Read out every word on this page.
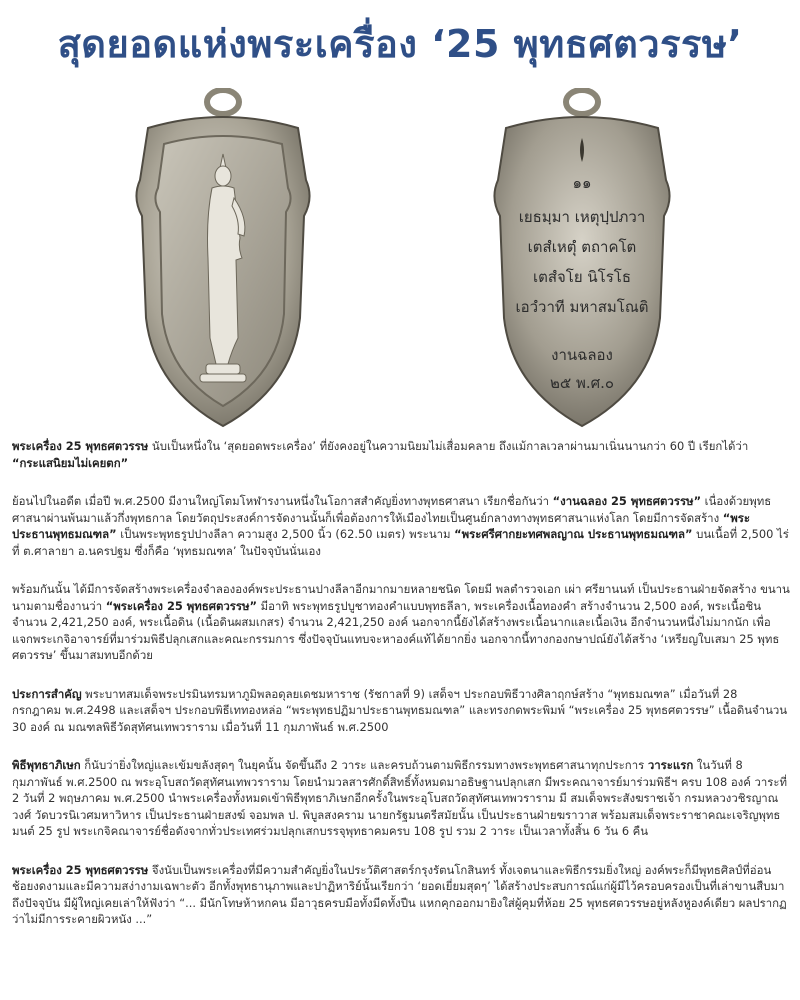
สุดยอดแห่งพระเครื่อง ‘25 พุทธศตวรรษ’
๑๑
เยธมฺมา เหตุปฺปภวา
เตสํเหตุํ ตถาคโต
เตสํจโย นิโรโธ
เอวํวาที มหาสมโณติ
งานฉลอง
๒๕ พ.ศ.๐

พระเครื่อง 25 พุทธศตวรรษ นับเป็นหนึ่งใน ‘สุดยอดพระเครื่อง’ ที่ยังคงอยู่ในความนิยมไม่เสื่อมคลาย ถึงแม้กาลเวลาผ่านมาเนิ่นนานกว่า 60 ปี เรียกได้ว่า “กระแสนิยมไม่เคยตก”

ย้อนไปในอดีต เมื่อปี พ.ศ.2500 มีงานใหญ่โตมโหฬารงานหนึ่งในโอกาสสำคัญยิ่งทางพุทธศาสนา เรียกชื่อกันว่า “งานฉลอง 25 พุทธศตวรรษ” เนื่องด้วยพุทธศาสนาผ่านพ้นมาแล้วกึ่งพุทธกาล โดยวัตถุประสงค์การจัดงานนั้นก็เพื่อต้องการให้เมืองไทยเป็นศูนย์กลางทางพุทธศาสนาแห่งโลก โดยมีการจัดสร้าง “พระประธานพุทธมณฑล” เป็นพระพุทธรูปปางลีลา ความสูง 2,500 นิ้ว (62.50 เมตร) พระนาม “พระศรีศากยะทศพลญาณ ประธานพุทธมณฑล” บนเนื้อที่ 2,500 ไร่ ที่ ต.ศาลายา อ.นครปฐม ซึ่งก็คือ ‘พุทธมณฑล’ ในปัจจุบันนั่นเอง

พร้อมกันนั้น ได้มีการจัดสร้างพระเครื่องจำลององค์พระประธานปางลีลาอีกมากมายหลายชนิด โดยมี พลตำรวจเอก เผ่า ศรียานนท์ เป็นประธานฝ่ายจัดสร้าง ขนานนามตามชื่องานว่า “พระเครื่อง 25 พุทธศตวรรษ” มีอาทิ พระพุทธรูปบูชาทองคำแบบพุทธลีลา, พระเครื่องเนื้อทองคำ สร้างจำนวน 2,500 องค์, พระเนื้อชิน จำนวน 2,421,250 องค์, พระเนื้อดิน (เนื้อดินผสมเกสร) จำนวน 2,421,250 องค์ นอกจากนี้ยังได้สร้างพระเนื้อนากและเนื้อเงิน อีกจำนวนหนึ่งไม่มากนัก เพื่อแจกพระเกจิอาจารย์ที่มาร่วมพิธีปลุกเสกและคณะกรรมการ ซึ่งปัจจุบันแทบจะหาองค์แท้ได้ยากยิ่ง นอกจากนี้ทางกองกษาปณ์ยังได้สร้าง ‘เหรียญใบเสมา 25 พุทธศตวรรษ’ ขึ้นมาสมทบอีกด้วย

ประการสำคัญ พระบาทสมเด็จพระปรมินทรมหาภูมิพลอดุลยเดชมหาราช (รัชกาลที่ 9) เสด็จฯ ประกอบพิธีวางศิลาฤกษ์สร้าง “พุทธมณฑล” เมื่อวันที่ 28 กรกฎาคม พ.ศ.2498 และเสด็จฯ ประกอบพิธีเททองหล่อ “พระพุทธปฏิมาประธานพุทธมณฑล” และทรงกดพระพิมพ์ “พระเครื่อง 25 พุทธศตวรรษ” เนื้อดินจำนวน 30 องค์ ณ มณฑลพิธีวัดสุทัศนเทพวราราม เมื่อวันที่ 11 กุมภาพันธ์ พ.ศ.2500

พิธีพุทธาภิเษก ก็นับว่ายิ่งใหญ่และเข้มขลังสุดๆ ในยุคนั้น จัดขึ้นถึง 2 วาระ และครบถ้วนตามพิธีกรรมทางพระพุทธศาสนาทุกประการ วาระแรก ในวันที่ 8 กุมภาพันธ์ พ.ศ.2500 ณ พระอุโบสถวัดสุทัศนเทพวราราม โดยนำมวลสารศักดิ์สิทธิ์ทั้งหมดมาอธิษฐานปลุกเสก มีพระคณาจารย์มาร่วมพิธีฯ ครบ 108 องค์ วาระที่ 2 วันที่ 2 พฤษภาคม พ.ศ.2500 นำพระเครื่องทั้งหมดเข้าพิธีพุทธาภิเษกอีกครั้งในพระอุโบสถวัดสุทัศนเทพวราราม มี สมเด็จพระสังฆราชเจ้า กรมหลวงวชิรญาณวงศ์ วัดบวรนิเวศมหาวิหาร เป็นประธานฝ่ายสงฆ์ จอมพล ป. พิบูลสงคราม นายกรัฐมนตรีสมัยนั้น เป็นประธานฝ่ายฆราวาส พร้อมสมเด็จพระราชาคณะเจริญพุทธมนต์ 25 รูป พระเกจิคณาจารย์ชื่อดังจากทั่วประเทศร่วมปลุกเสกบรรจุพุทธาคมครบ 108 รูป รวม 2 วาระ เป็นเวลาทั้งสิ้น 6 วัน 6 คืน

พระเครื่อง 25 พุทธศตวรรษ จึงนับเป็นพระเครื่องที่มีความสำคัญยิ่งในประวัติศาสตร์กรุงรัตนโกสินทร์ ทั้งเจตนาและพิธีกรรมยิ่งใหญ่ องค์พระก็มีพุทธศิลป์ที่อ่อนช้อยงดงามและมีความสง่างามเฉพาะตัว อีกทั้งพุทธานุภาพและปาฏิหาริย์นั้นเรียกว่า ‘ยอดเยี่ยมสุดๆ’ ได้สร้างประสบการณ์แก่ผู้มีไว้ครอบครองเป็นที่เล่าขานสืบมาถึงปัจจุบัน มีผู้ใหญ่เคยเล่าให้ฟังว่า “... มีนักโทษห้าหกคน มีอาวุธครบมือทั้งมีดทั้งปืน แหกคุกออกมายิงใส่ผู้คุมที่ห้อย 25 พุทธศตวรรษอยู่หลังหูองค์เดียว ผลปรากฏว่าไม่มีการระคายผิวหนัง ...”
